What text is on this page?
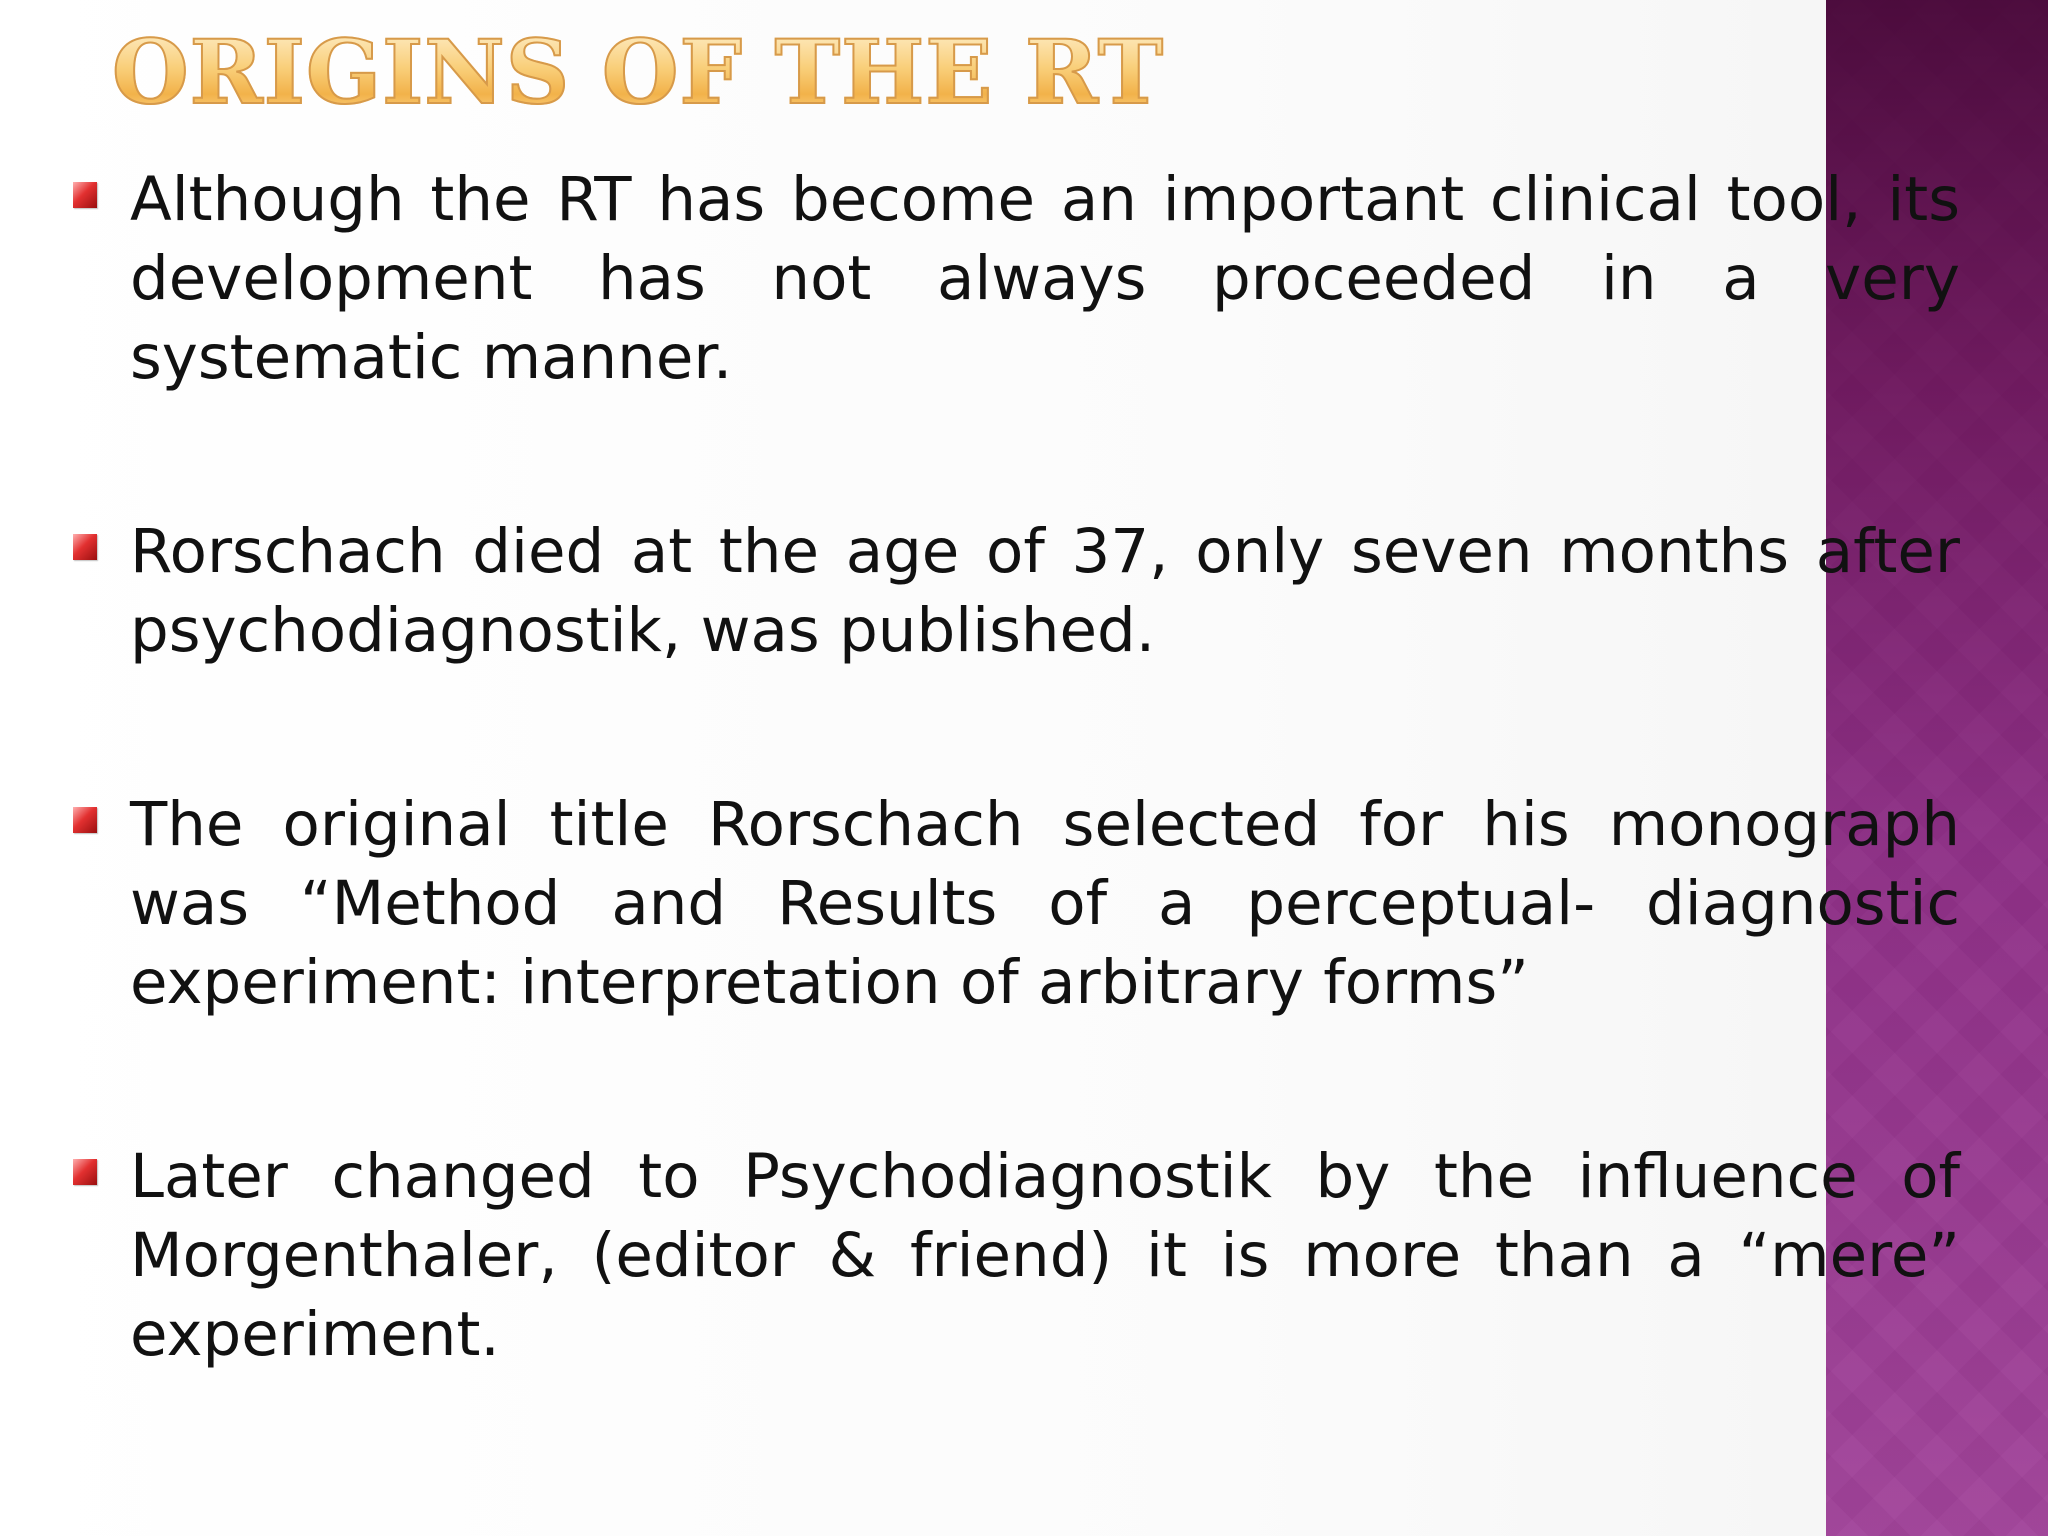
ORIGINS OF THE RT
Although the RT has become an important clinical tool, its development has not always proceeded in a very systematic manner.
Rorschach died at the age of 37, only seven months after psychodiagnostik, was published.
The original title Rorschach selected for his monograph was “Method and Results of a perceptual- diagnostic experiment: interpretation of arbitrary forms”
Later changed to Psychodiagnostik by the influence of Morgenthaler, (editor & friend) it is more than a “mere” experiment.
